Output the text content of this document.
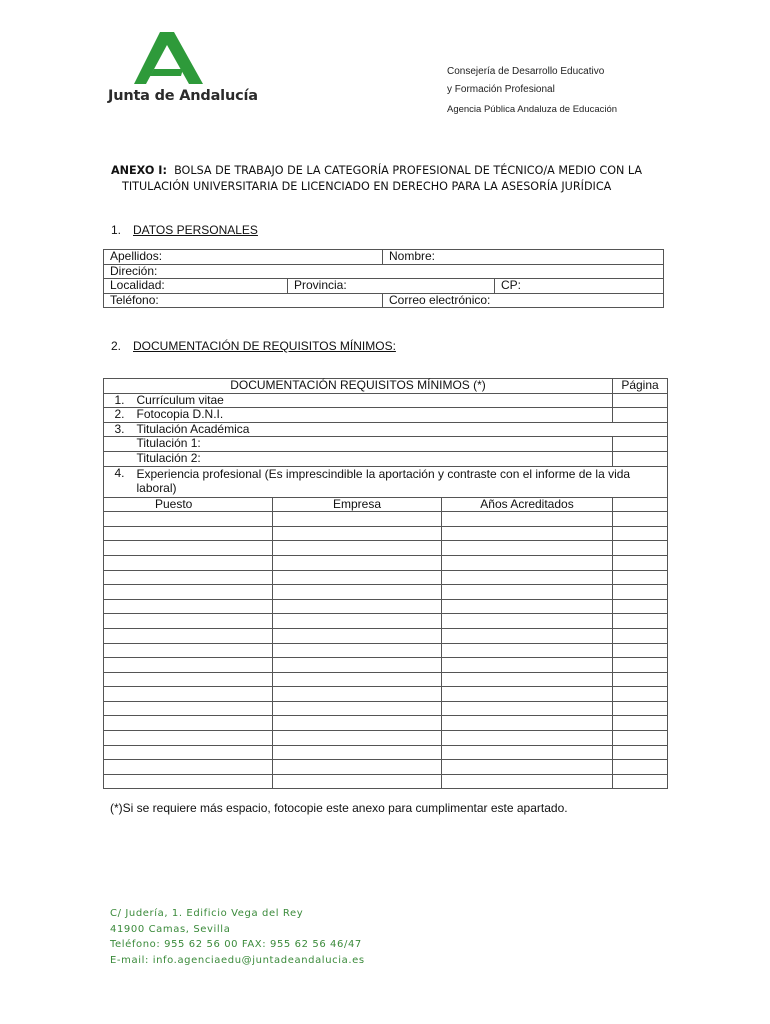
Junta de Andalucía
Consejería de Desarrollo Educativo
y Formación Profesional
Agencia Pública Andaluza de Educación
ANEXO I: BOLSA DE TRABAJO DE LA CATEGORÍA PROFESIONAL DE TÉCNICO/A MEDIO CON LA
TITULACIÓN UNIVERSITARIA DE LICENCIADO EN DERECHO PARA LA ASESORÍA JURÍDICA
1. DATOS PERSONALES
Apellidos:		Nombre:	
Direción:			
Localidad:	Provincia:		CP:
Teléfono:		Correo electrónico:	
2. DOCUMENTACIÓN DE REQUISITOS MÍNIMOS:
DOCUMENTACIÓN REQUISITOS MÍNIMOS (*)				Página
1.	Currículum vitae			
2.	Fotocopia D.N.I.			
3.	Titulación Académica			
	Titulación 1:			
	Titulación 2:			
4.	Experiencia profesional (Es imprescindible la aportación y contraste con el informe de la vida laboral)			
Puesto		Empresa	Años Acreditados	

(*)Si se requiere más espacio, fotocopie este anexo para cumplimentar este apartado.
C/ Judería, 1. Edificio Vega del Rey
41900 Camas, Sevilla
Teléfono: 955 62 56 00 FAX: 955 62 56 46/47
E-mail: info.agenciaedu@juntadeandalucia.es
